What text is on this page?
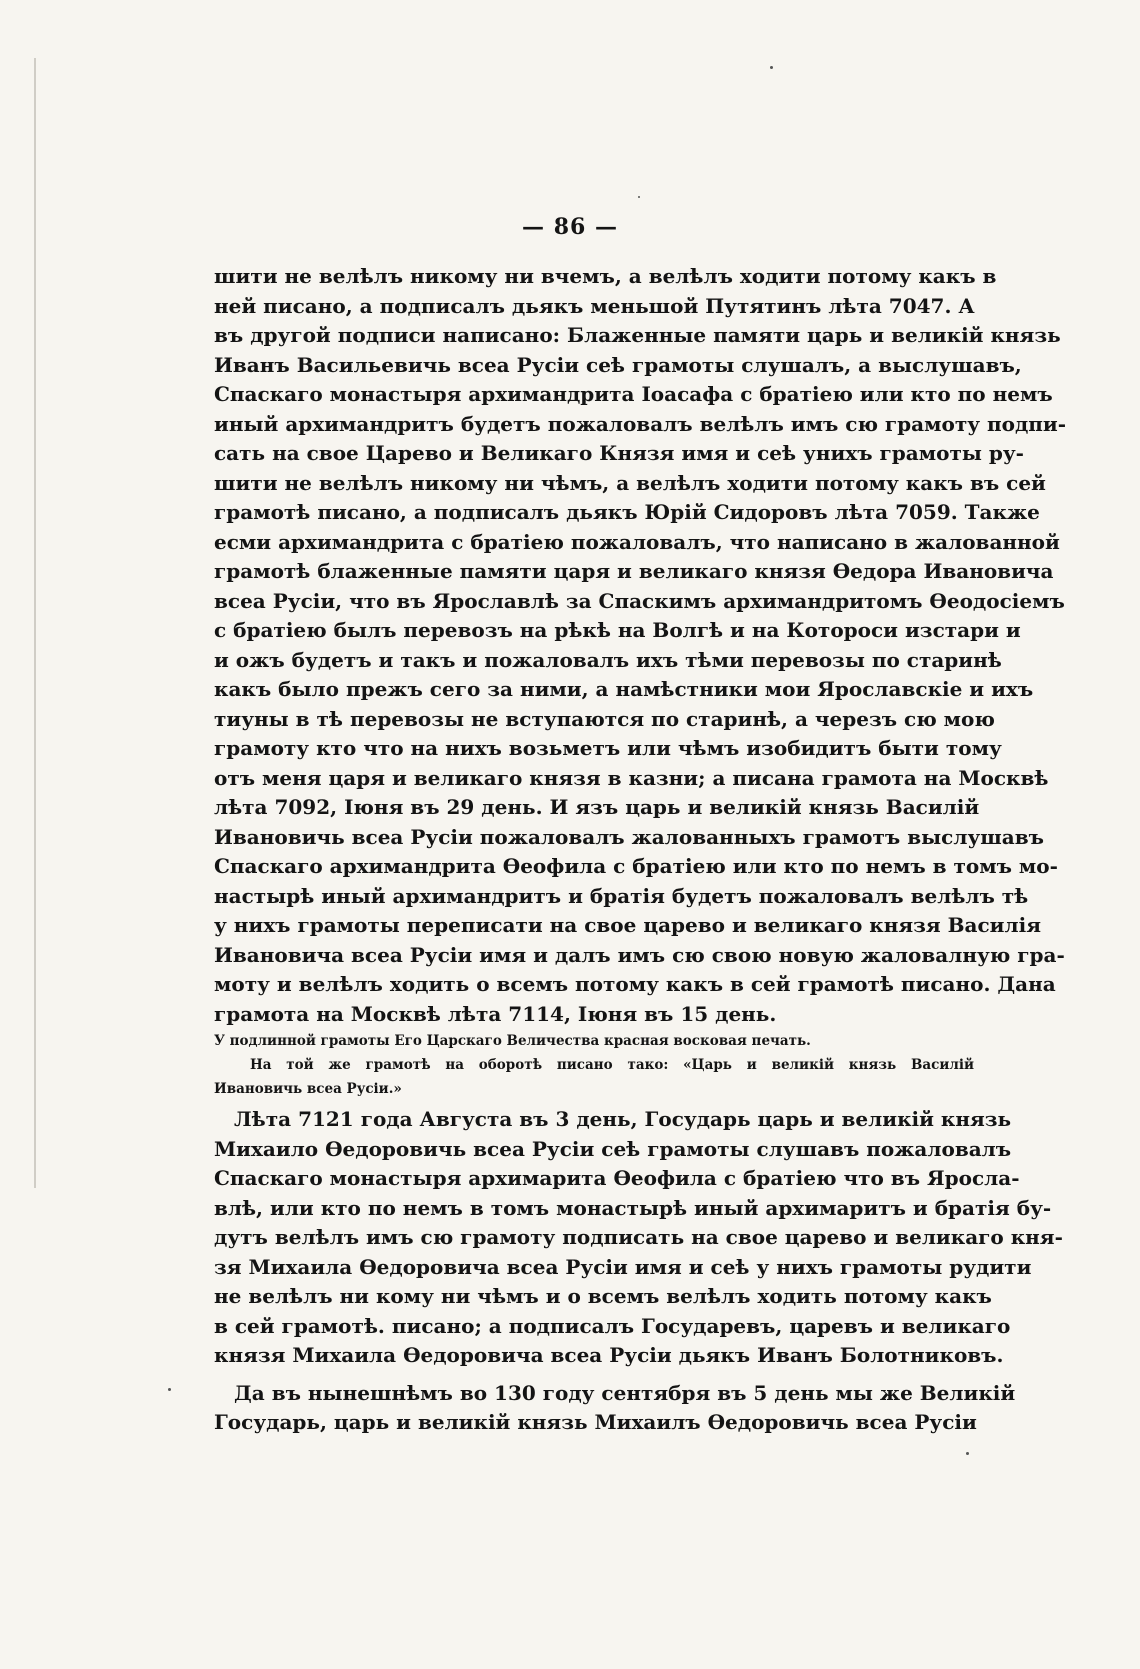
— 86 —
шити не велѣлъ никому ни вчемъ, а велѣлъ ходити потому какъ в
ней писано, а подписалъ дьякъ меньшой Путятинъ лѣта 7047. А
въ другой подписи написано: Блаженные памяти царь и великiй князь
Иванъ Васильевичь всеа Русiи сеѣ грамоты слушалъ, а выслушавъ,
Спаскаго монастыря архимандрита Iоасафа с братiею или кто по немъ
иный архимандритъ будетъ пожаловалъ велѣлъ имъ сю грамоту подпи-
сать на свое Царево и Великаго Князя имя и сеѣ унихъ грамоты ру-
шити не велѣлъ никому ни чѣмъ, а велѣлъ ходити потому какъ въ сей
грамотѣ писано, а подписалъ дьякъ Юрiй Сидоровъ лѣта 7059. Также
есми архимандрита с братiею пожаловалъ, что написано в жалованной
грамотѣ блаженные памяти царя и великаго князя Ѳедора Ивановича
всеа Русiи, что въ Ярославлѣ за Спаскимъ архимандритомъ Ѳеодосiемъ
с братiею былъ перевозъ на рѣкѣ на Волгѣ и на Котороси изстари и
и ожъ будетъ и такъ и пожаловалъ ихъ тѣми перевозы по старинѣ
какъ было прежъ сего за ними, а намѣстники мои Ярославскiе и ихъ
тиуны в тѣ перевозы не вступаются по старинѣ, а черезъ сю мою
грамоту кто что на нихъ возьметъ или чѣмъ изобидитъ быти тому
отъ меня царя и великаго князя в казни; а писана грамота на Москвѣ
лѣта 7092, Iюня въ 29 день. И язъ царь и великiй князь Василiй
Ивановичь всеа Русiи пожаловалъ жалованныхъ грамотъ выслушавъ
Спаскаго архимандрита Ѳеофила с братiею или кто по немъ в томъ мо-
настырѣ иный архимандритъ и братiя будетъ пожаловалъ велѣлъ тѣ
у нихъ грамоты переписати на свое царево и великаго князя Василiя
Ивановича всеа Русiи имя и далъ имъ сю свою новую жаловалную гра-
моту и велѣлъ ходить о всемъ потому какъ в сей грамотѣ писано. Дана
грамота на Москвѣ лѣта 7114, Iюня въ 15 день.
У подлинной грамоты Его Царскаго Величества красная восковая печать.
На той же грамотѣ на оборотѣ писано тако: «Царь и великiй князь Василiй
Ивановичь всеа Русiи.»
Лѣта 7121 года Августа въ 3 день, Государь царь и великiй князь
Михаило Ѳедоровичь всеа Русiи сеѣ грамоты слушавъ пожаловалъ
Спаскаго монастыря архимарита Ѳеофила с братiею что въ Яросла-
влѣ, или кто по немъ в томъ монастырѣ иный архимаритъ и братiя бу-
дутъ велѣлъ имъ сю грамоту подписать на свое царево и великаго кня-
зя Михаила Ѳедоровича всеа Русiи имя и сеѣ у нихъ грамоты рудити
не велѣлъ ни кому ни чѣмъ и о всемъ велѣлъ ходить потому какъ
в сей грамотѣ. писано; а подписалъ Государевъ, царевъ и великаго
князя Михаила Ѳедоровича всеа Русiи дьякъ Иванъ Болотниковъ.
Да въ нынешнѣмъ во 130 году сентября въ 5 день мы же Великiй
Государь, царь и великiй князь Михаилъ Ѳедоровичь всеа Русiи
